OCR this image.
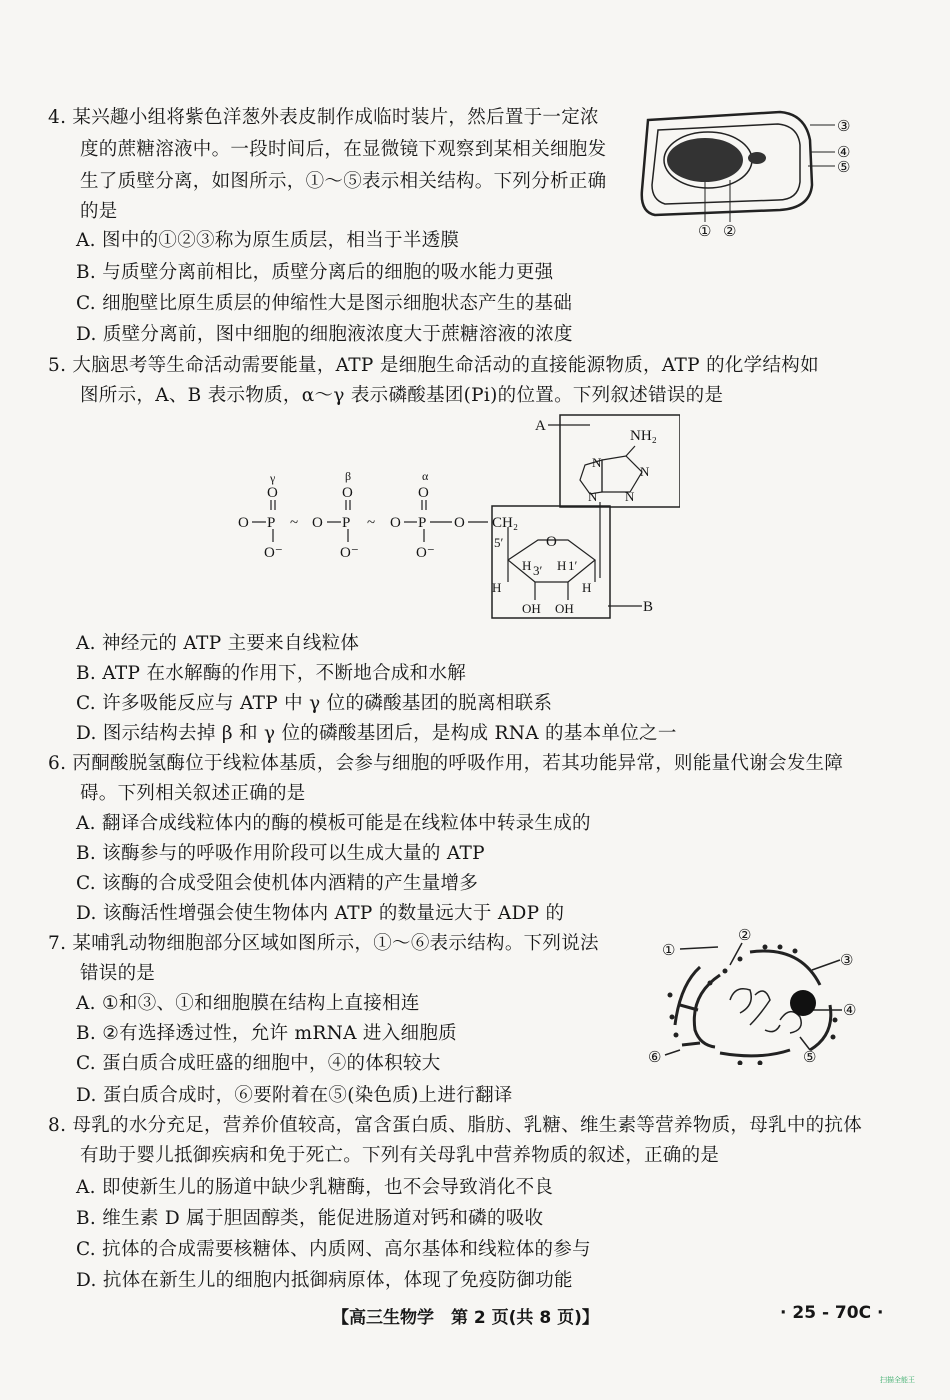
4. 某兴趣小组将紫色洋葱外表皮制作成临时装片，然后置于一定浓
度的蔗糖溶液中。一段时间后，在显微镜下观察到某相关细胞发
生了质壁分离，如图所示，①～⑤表示相关结构。下列分析正确
的是
A. 图中的①②③称为原生质层，相当于半透膜
B. 与质壁分离前相比，质壁分离后的细胞的吸水能力更强
C. 细胞壁比原生质层的伸缩性大是图示细胞状态产生的基础
D. 质壁分离前，图中细胞的细胞液浓度大于蔗糖溶液的浓度
③
④
⑤
① ②
5. 大脑思考等生命活动需要能量，ATP 是细胞生命活动的直接能源物质，ATP 的化学结构如
图所示，A、B 表示物质，α～γ 表示磷酸基团(Pi)的位置。下列叙述错误的是
A
NH₂
N
N
N
N
γ	β	α
O P
O
O⁻
~ O P
O
O⁻
~ O P
O
O⁻
O CH₂
5′	O
H 3′ H 1′
H	H
OH OH	B
A. 神经元的 ATP 主要来自线粒体
B. ATP 在水解酶的作用下，不断地合成和水解
C. 许多吸能反应与 ATP 中 γ 位的磷酸基团的脱离相联系
D. 图示结构去掉 β 和 γ 位的磷酸基团后，是构成 RNA 的基本单位之一
6. 丙酮酸脱氢酶位于线粒体基质，会参与细胞的呼吸作用，若其功能异常，则能量代谢会发生障
碍。下列相关叙述正确的是
A. 翻译合成线粒体内的酶的模板可能是在线粒体中转录生成的
B. 该酶参与的呼吸作用阶段可以生成大量的 ATP
C. 该酶的合成受阻会使机体内酒精的产生量增多
D. 该酶活性增强会使生物体内 ATP 的数量远大于 ADP 的
7. 某哺乳动物细胞部分区域如图所示，①～⑥表示结构。下列说法
错误的是
A. ①和③、①和细胞膜在结构上直接相连
B. ②有选择透过性，允许 mRNA 进入细胞质
C. 蛋白质合成旺盛的细胞中，④的体积较大
D. 蛋白质合成时，⑥要附着在⑤(染色质)上进行翻译
①
②
③
④
⑤
⑥
8. 母乳的水分充足，营养价值较高，富含蛋白质、脂肪、乳糖、维生素等营养物质，母乳中的抗体
有助于婴儿抵御疾病和免于死亡。下列有关母乳中营养物质的叙述，正确的是
A. 即使新生儿的肠道中缺少乳糖酶，也不会导致消化不良
B. 维生素 D 属于胆固醇类，能促进肠道对钙和磷的吸收
C. 抗体的合成需要核糖体、内质网、高尔基体和线粒体的参与
D. 抗体在新生儿的细胞内抵御病原体，体现了免疫防御功能
【高三生物学　第 2 页(共 8 页)】	· 25 - 70C ·
扫描全能王
